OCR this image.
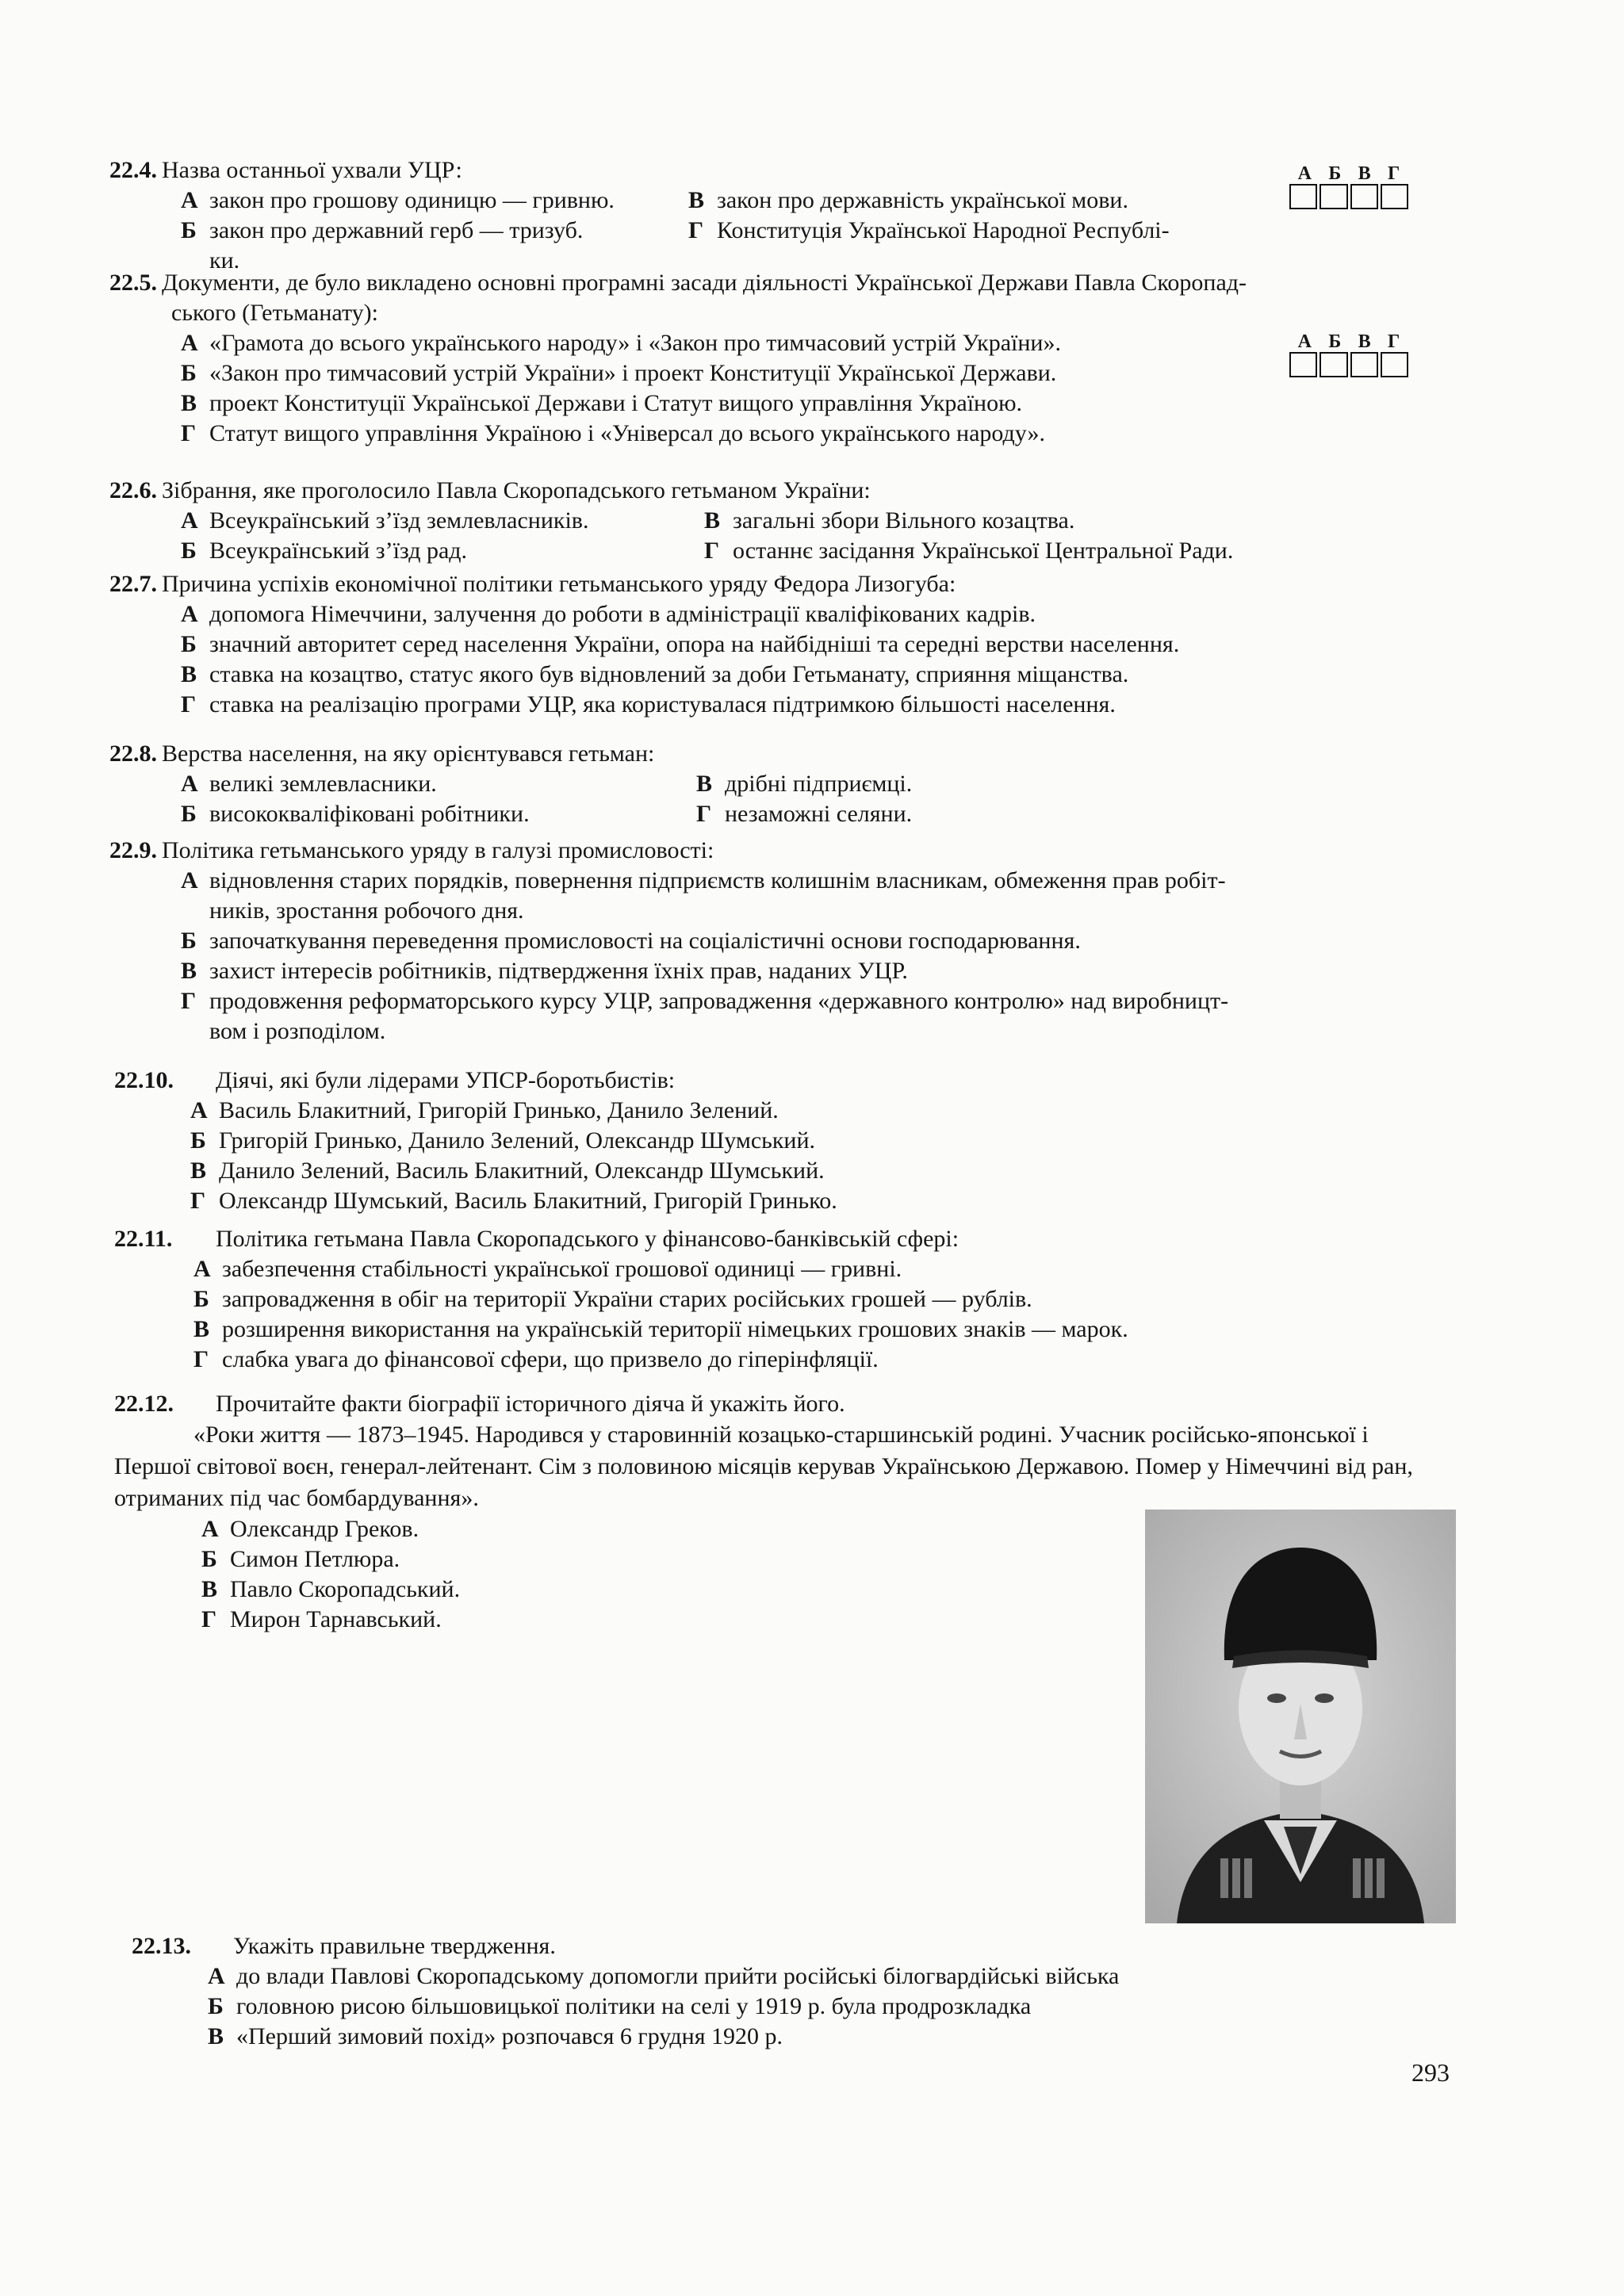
22.4. Назва останньої ухвали УЦР:
А закон про грошову одиницю — гривню.	В закон про державність української мови.
Б закон про державний герб — тризуб.	Г Конституція Української Народної Республі-
ки.
А Б В Г
22.5. Документи, де було викладено основні програмні засади діяльності Української Держави Павла Скоропад-
ського (Гетьманату):
А «Грамота до всього українського народу» і «Закон про тимчасовий устрій України».
Б «Закон про тимчасовий устрій України» і проект Конституції Української Держави.
В проект Конституції Української Держави і Статут вищого управління Україною.
Г Статут вищого управління Україною і «Універсал до всього українського народу».
А Б В Г
22.6. Зібрання, яке проголосило Павла Скоропадського гетьманом України:
А Всеукраїнський з’їзд землевласників.	В загальні збори Вільного козацтва.
Б Всеукраїнський з’їзд рад.	Г останнє засідання Української Центральної Ради.
22.7. Причина успіхів економічної політики гетьманського уряду Федора Лизогуба:
А допомога Німеччини, залучення до роботи в адміністрації кваліфікованих кадрів.
Б значний авторитет серед населення України, опора на найбідніші та середні верстви населення.
В ставка на козацтво, статус якого був відновлений за доби Гетьманату, сприяння міщанства.
Г ставка на реалізацію програми УЦР, яка користувалася підтримкою більшості населення.
22.8. Верства населення, на яку орієнтувався гетьман:
А великі землевласники.	В дрібні підприємці.
Б висококваліфіковані робітники.	Г незаможні селяни.
22.9. Політика гетьманського уряду в галузі промисловості:
А відновлення старих порядків, повернення підприємств колишнім власникам, обмеження прав робіт-
ників, зростання робочого дня.
Б започаткування переведення промисловості на соціалістичні основи господарювання.
В захист інтересів робітників, підтвердження їхніх прав, наданих УЦР.
Г продовження реформаторського курсу УЦР, запровадження «державного контролю» над виробницт-
вом і розподілом.
22.10. Діячі, які були лідерами УПСР-боротьбистів:
А Василь Блакитний, Григорій Гринько, Данило Зелений.
Б Григорій Гринько, Данило Зелений, Олександр Шумський.
В Данило Зелений, Василь Блакитний, Олександр Шумський.
Г Олександр Шумський, Василь Блакитний, Григорій Гринько.
22.11. Політика гетьмана Павла Скоропадського у фінансово-банківській сфері:
А забезпечення стабільності української грошової одиниці — гривні.
Б запровадження в обіг на території України старих російських грошей — рублів.
В розширення використання на українській території німецьких грошових знаків — марок.
Г слабка увага до фінансової сфери, що призвело до гіперінфляції.
22.12. Прочитайте факти біографії історичного діяча й укажіть його.
«Роки життя — 1873–1945. Народився у старовинній козацько-старшинській родині. Учасник російсько-японської і Першої світової воєн, генерал-лейтенант. Сім з половиною місяців керував Українською Державою. Помер у Німеччині від ран, отриманих під час бомбардування».
А Олександр Греков.
Б Симон Петлюра.
В Павло Скоропадський.
Г Мирон Тарнавський.
22.13. Укажіть правильне твердження.
А до влади Павлові Скоропадському допомогли прийти російські білогвардійські війська
Б головною рисою більшовицької політики на селі у 1919 р. була продрозкладка
В «Перший зимовий похід» розпочався 6 грудня 1920 р.
293
